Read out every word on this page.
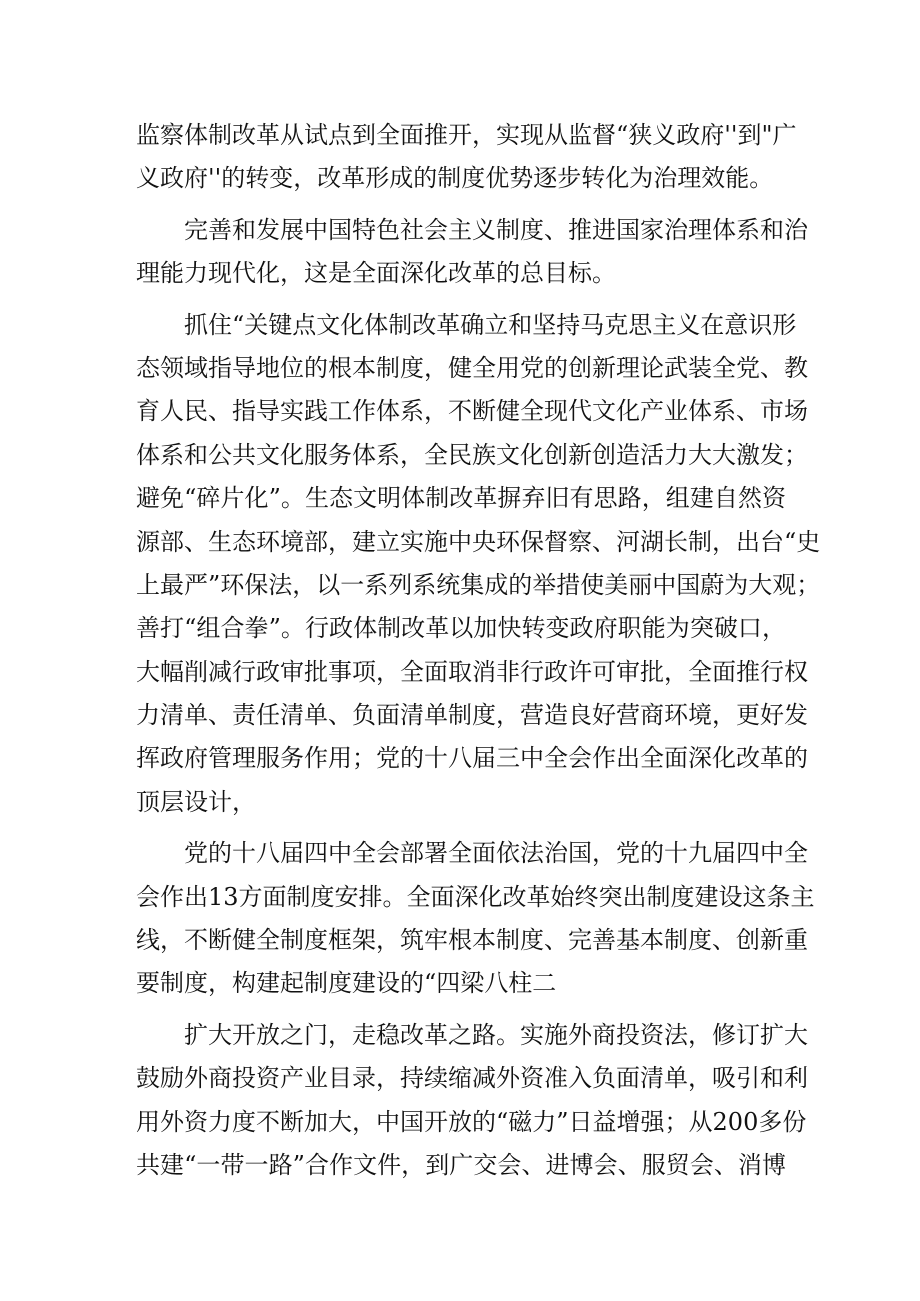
监察体制改革从试点到全面推开，实现从监督“狭义政府''到"广
义政府''的转变，改革形成的制度优势逐步转化为治理效能。
完善和发展中国特色社会主义制度、推进国家治理体系和治
理能力现代化，这是全面深化改革的总目标。
抓住“关键点文化体制改革确立和坚持马克思主义在意识形
态领域指导地位的根本制度，健全用党的创新理论武装全党、教
育人民、指导实践工作体系，不断健全现代文化产业体系、市场
体系和公共文化服务体系，全民族文化创新创造活力大大激发；
避免“碎片化”。生态文明体制改革摒弃旧有思路，组建自然资
源部、生态环境部，建立实施中央环保督察、河湖长制，出台“史
上最严”环保法，以一系列系统集成的举措使美丽中国蔚为大观；
善打“组合拳”。行政体制改革以加快转变政府职能为突破口，
大幅削减行政审批事项，全面取消非行政许可审批，全面推行权
力清单、责任清单、负面清单制度，营造良好营商环境，更好发
挥政府管理服务作用；党的十八届三中全会作出全面深化改革的
顶层设计，
党的十八届四中全会部署全面依法治国，党的十九届四中全
会作出13方面制度安排。全面深化改革始终突出制度建设这条主
线，不断健全制度框架，筑牢根本制度、完善基本制度、创新重
要制度，构建起制度建设的“四梁八柱二
扩大开放之门，走稳改革之路。实施外商投资法，修订扩大
鼓励外商投资产业目录，持续缩减外资准入负面清单，吸引和利
用外资力度不断加大，中国开放的“磁力”日益增强；从200多份
共建“一带一路”合作文件，到广交会、进博会、服贸会、消博
